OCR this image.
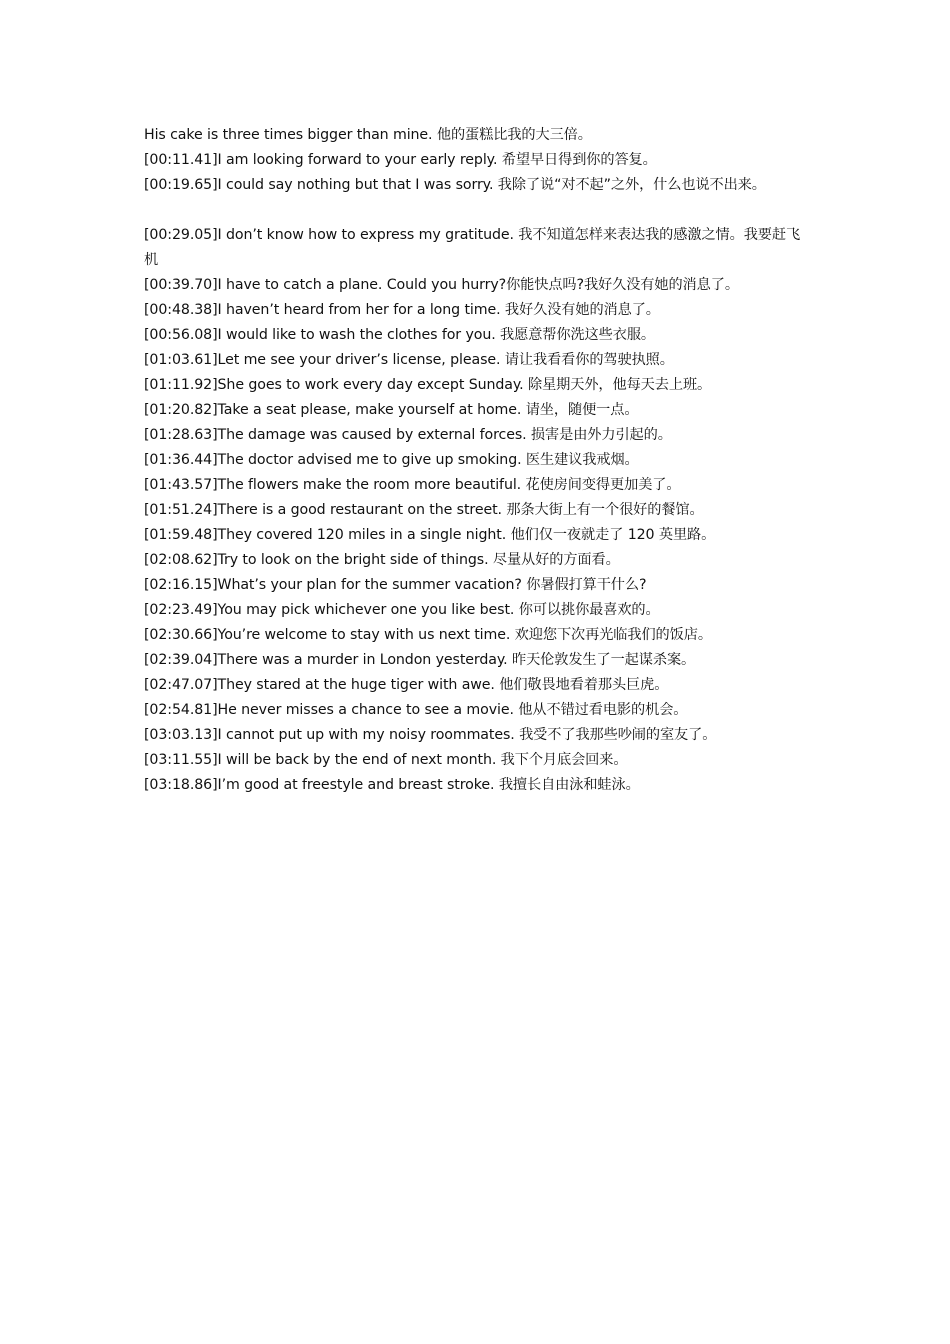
His cake is three times bigger than mine. 他的蛋糕比我的大三倍。

[00:11.41]I am looking forward to your early reply. 希望早日得到你的答复。

[00:19.65]I could say nothing but that I was sorry. 我除了说“对不起”之外，什么也说不出来。

[00:29.05]I don’t know how to express my gratitude. 我不知道怎样来表达我的感激之情。我要赶飞机

[00:39.70]I have to catch a plane. Could you hurry?你能快点吗?我好久没有她的消息了。

[00:48.38]I haven’t heard from her for a long time. 我好久没有她的消息了。

[00:56.08]I would like to wash the clothes for you. 我愿意帮你洗这些衣服。

[01:03.61]Let me see your driver’s license, please. 请让我看看你的驾驶执照。

[01:11.92]She goes to work every day except Sunday. 除星期天外，他每天去上班。

[01:20.82]Take a seat please, make yourself at home. 请坐，随便一点。

[01:28.63]The damage was caused by external forces. 损害是由外力引起的。

[01:36.44]The doctor advised me to give up smoking. 医生建议我戒烟。

[01:43.57]The flowers make the room more beautiful. 花使房间变得更加美了。

[01:51.24]There is a good restaurant on the street. 那条大街上有一个很好的餐馆。

[01:59.48]They covered 120 miles in a single night. 他们仅一夜就走了 120 英里路。

[02:08.62]Try to look on the bright side of things. 尽量从好的方面看。

[02:16.15]What’s your plan for the summer vacation? 你暑假打算干什么?

[02:23.49]You may pick whichever one you like best. 你可以挑你最喜欢的。

[02:30.66]You’re welcome to stay with us next time. 欢迎您下次再光临我们的饭店。

[02:39.04]There was a murder in London yesterday. 昨天伦敦发生了一起谋杀案。

[02:47.07]They stared at the huge tiger with awe. 他们敬畏地看着那头巨虎。

[02:54.81]He never misses a chance to see a movie. 他从不错过看电影的机会。

[03:03.13]I cannot put up with my noisy roommates. 我受不了我那些吵闹的室友了。

[03:11.55]I will be back by the end of next month. 我下个月底会回来。

[03:18.86]I’m good at freestyle and breast stroke. 我擅长自由泳和蛙泳。
